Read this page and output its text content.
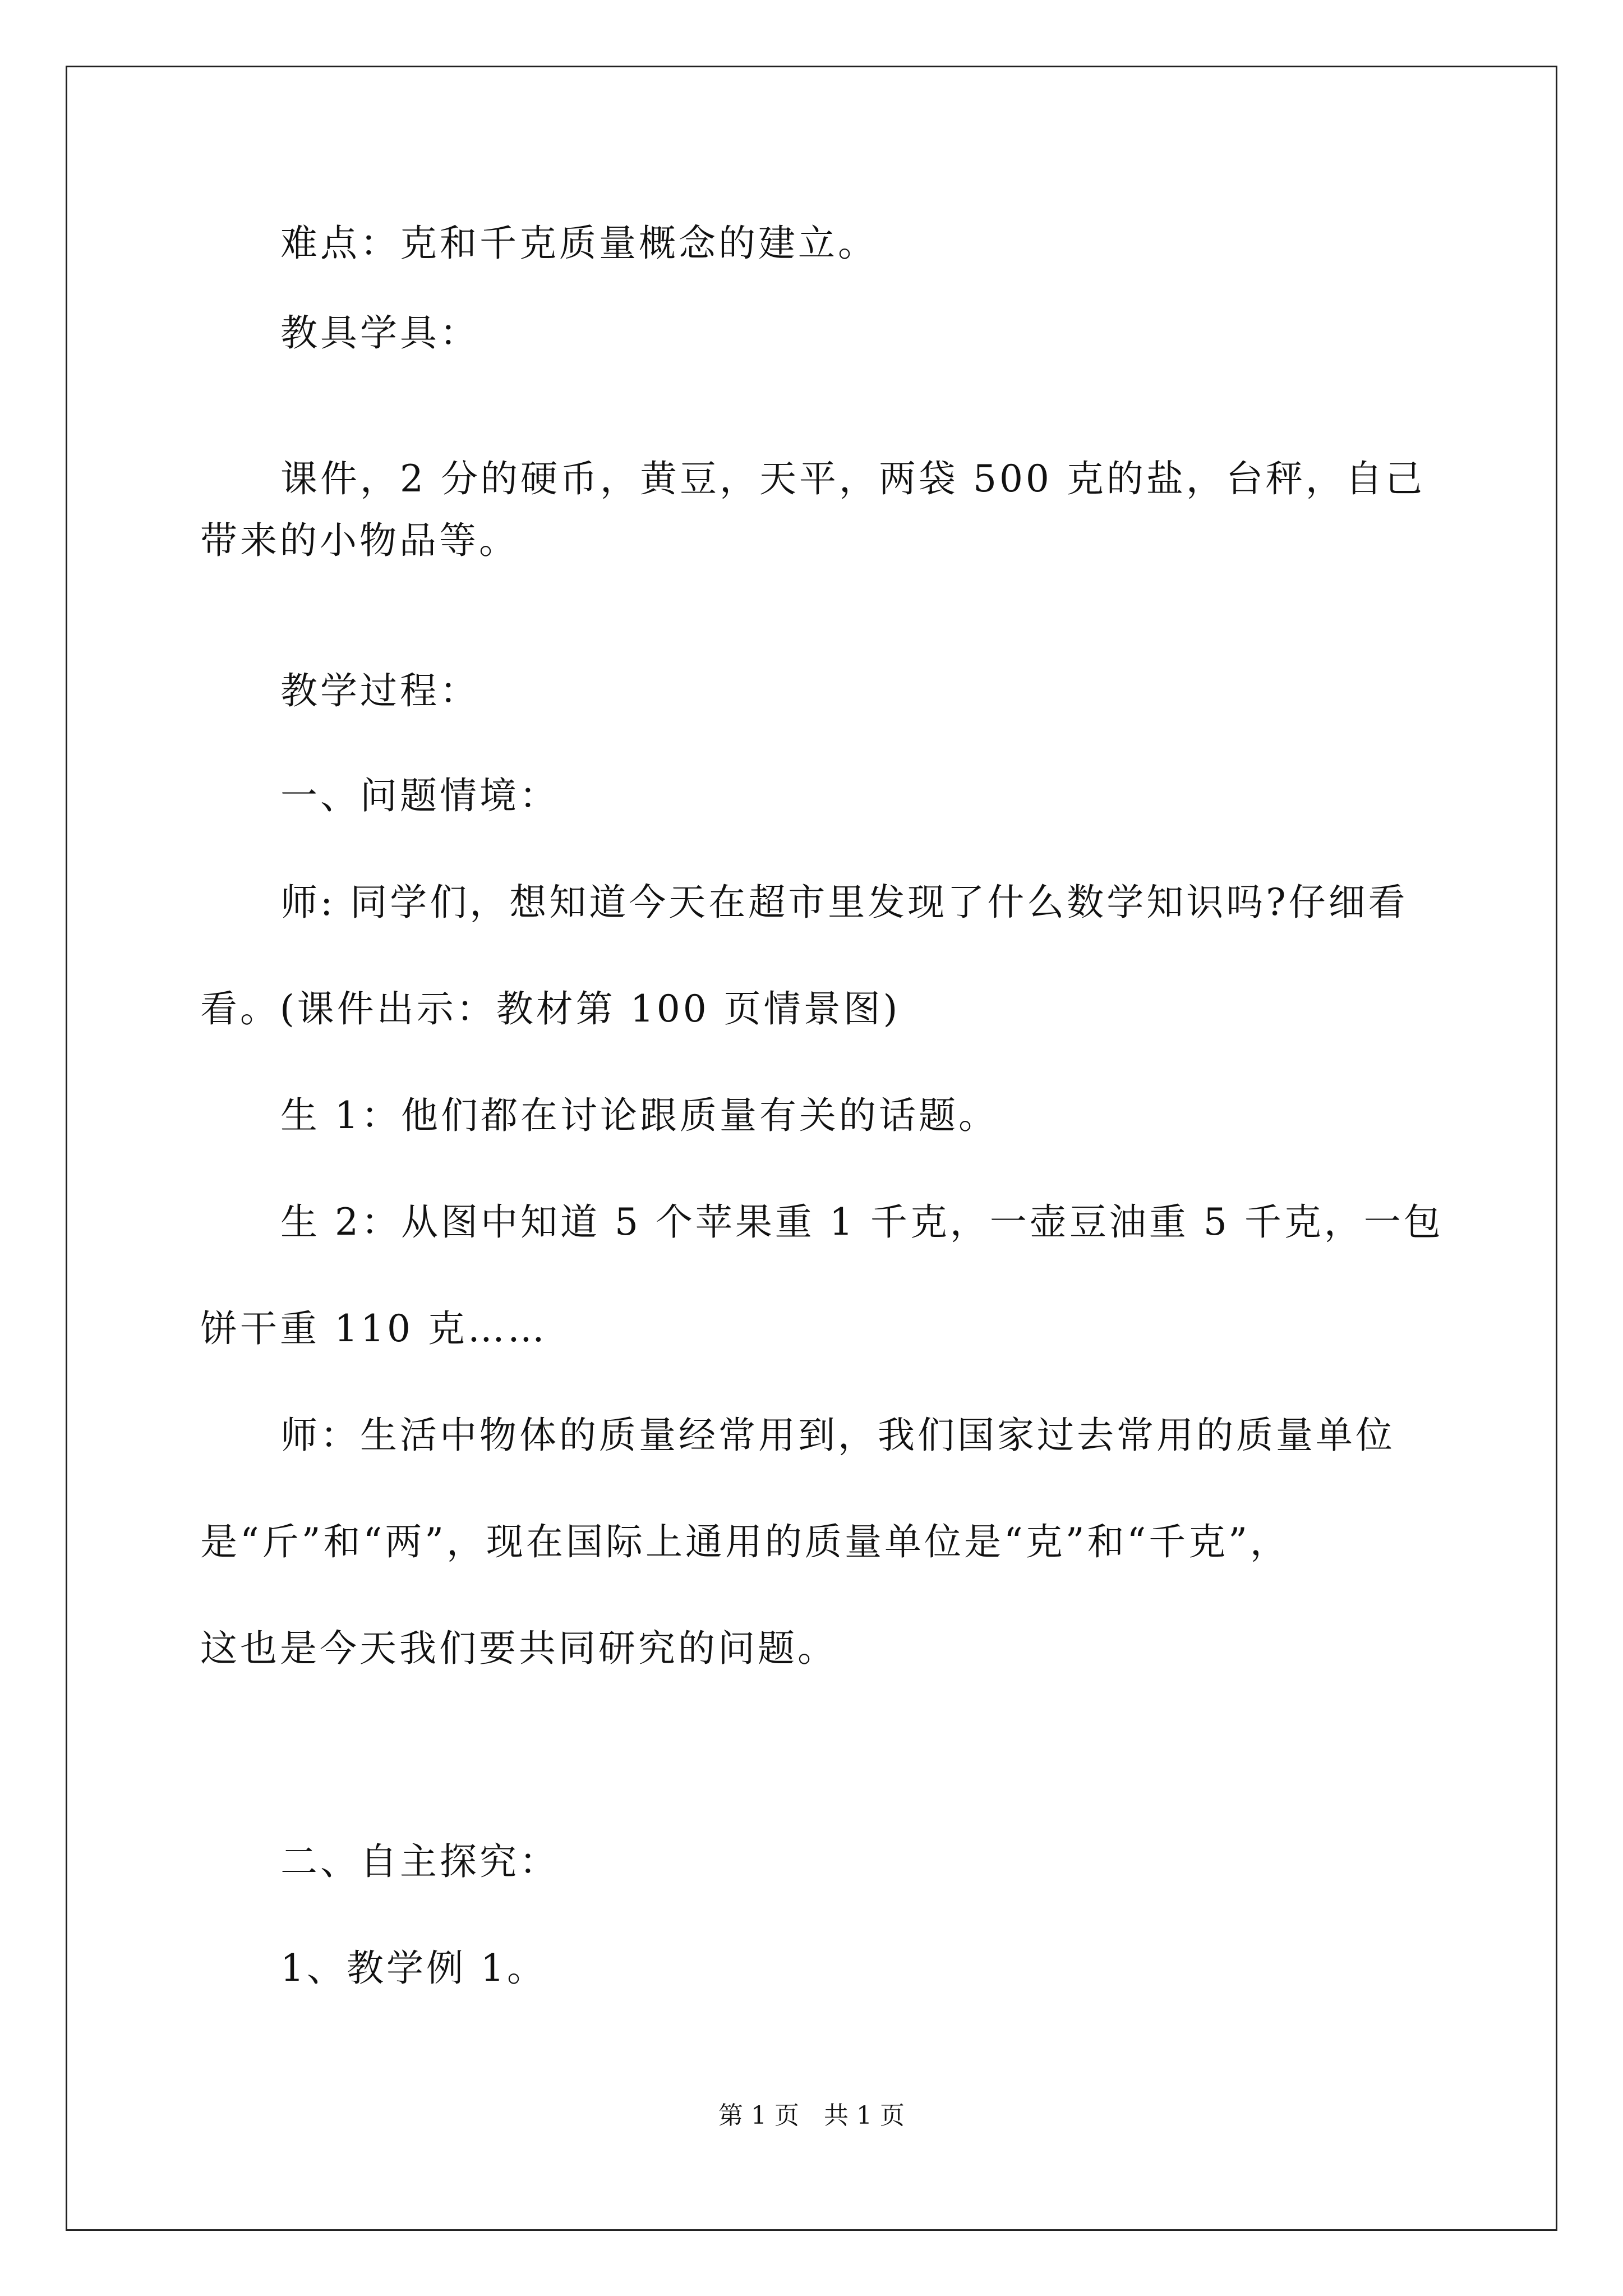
难点：克和千克质量概念的建立。
教具学具：
课件，2 分的硬币，黄豆，天平，两袋 500 克的盐，台秤，自己
带来的小物品等。
教学过程：
一、问题情境：
师: 同学们，想知道今天在超市里发现了什么数学知识吗?仔细看
看。(课件出示：教材第 100 页情景图)
生 1：他们都在讨论跟质量有关的话题。
生 2：从图中知道 5 个苹果重 1 千克，一壶豆油重 5 千克，一包
饼干重 110 克……
师：生活中物体的质量经常用到，我们国家过去常用的质量单位
是“斤”和“两”，现在国际上通用的质量单位是“克”和“千克”，
这也是今天我们要共同研究的问题。
二、自主探究：
1、教学例 1。
第 1 页　共 1 页
